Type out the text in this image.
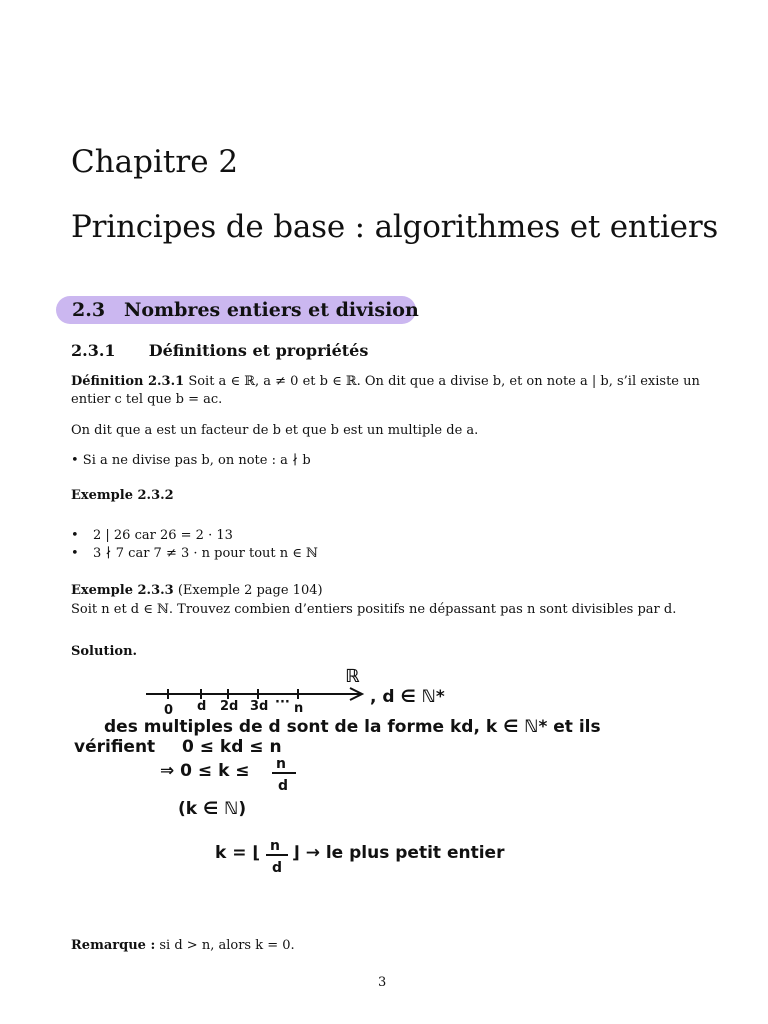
Chapitre 2
Principes de base : algorithmes et entiers
2.3 Nombres entiers et division
2.3.1 Définitions et propriétés
Définition 2.3.1 Soit a ∈ ℝ, a ≠ 0 et b ∈ ℝ. On dit que a divise b, et on note a | b, s’il existe un
entier c tel que b = ac.
On dit que a est un facteur de b et que b est un multiple de a.
• Si a ne divise pas b, on note : a ∤ b
Exemple 2.3.2
• 2 | 26 car 26 = 2 · 13
• 3 ∤ 7 car 7 ≠ 3 · n pour tout n ∈ ℕ
Exemple 2.3.3 (Exemple 2 page 104)
Soit n et d ∈ ℕ. Trouvez combien d’entiers positifs ne dépassant pas n sont divisibles par d.
Solution.
ℝ
0 d 2d 3d ··· n
, d ∈ ℕ*
des multiples de d sont de la forme kd, k ∈ ℕ* et ils
vérifient 0 ≤ kd ≤ n
⇒ 0 ≤ k ≤ n
d
(k ∈ ℕ)
k = ⌊ n
d
⌋ → le plus petit entier
Remarque : si d > n, alors k = 0.
3
